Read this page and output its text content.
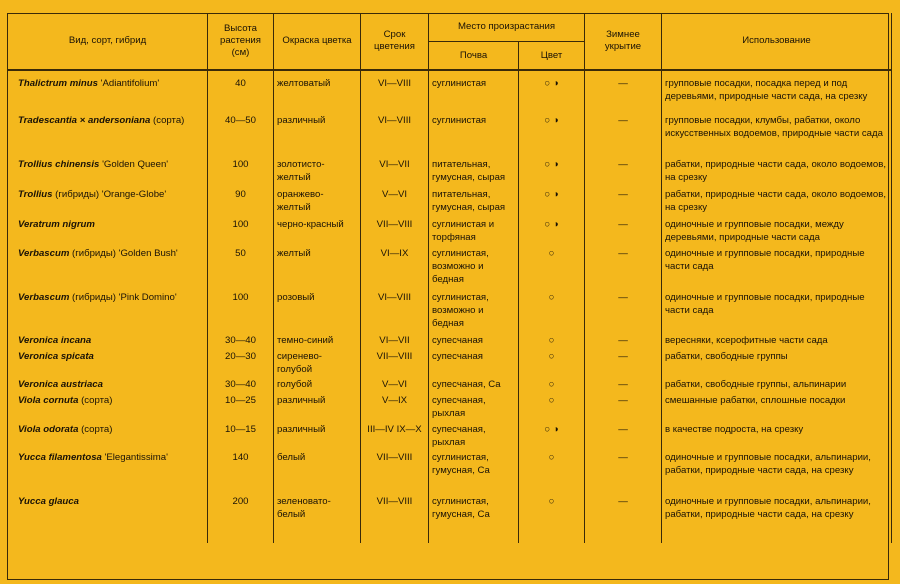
Вид, сорт, гибрид	Высота растения (см)	Окраска цветка	Срок цветения	Место произрастания		Зимнее укрытие	Использование
				Почва	Цвет		
Thalictrum minus 'Adiantifolium'	40	желтоватый	VI—VIII	суглинистая	○ ◑	—	групповые посадки, посадка перед и под деревьями, природные части сада, на срезку
Tradescantia × andersoniana (сорта)	40—50	различный	VI—VIII	суглинистая	○ ◑	—	групповые посадки, клумбы, рабатки, около искусственных водоемов, природные части сада
Trollius chinensis 'Golden Queen'	100	золотисто-желтый	VI—VII	питательная, гумусная, сырая	○ ◑	—	рабатки, природные части сада, около водоемов, на срезку
Trollius (гибриды) 'Orange-Globe'	90	оранжево-желтый	V—VI	питательная, гумусная, сырая	○ ◑	—	рабатки, природные части сада, около водоемов, на срезку
Veratrum nigrum	100	черно-красный	VII—VIII	суглинистая и торфяная	○ ◑	—	одиночные и групповые посадки, между деревьями, природные части сада
Verbascum (гибриды) 'Golden Bush'	50	желтый	VI—IX	суглинистая, возможно и бедная	○	—	одиночные и групповые посадки, природные части сада
Verbascum (гибриды) 'Pink Domino'	100	розовый	VI—VIII	суглинистая, возможно и бедная	○	—	одиночные и групповые посадки, природные части сада
Veronica incana	30—40	темно-синий	VI—VII	супесчаная	○	—	вересняки, ксерофитные части сада
Veronica spicata	20—30	сиренево-голубой	VII—VIII	супесчаная	○	—	рабатки, свободные группы
Veronica austriaca	30—40	голубой	V—VI	супесчаная, Ca	○	—	рабатки, свободные группы, альпинарии
Viola cornuta (сорта)	10—25	различный	V—IX	супесчаная, рыхлая	○	—	смешанные рабатки, сплошные посадки
Viola odorata (сорта)	10—15	различный	III—IV IX—X	супесчаная, рыхлая	○ ◑	—	в качестве подроста, на срезку
Yucca filamentosa 'Elegantissima'	140	белый	VII—VIII	суглинистая, гумусная, Ca	○	—	одиночные и групповые посадки, альпинарии, рабатки, природные части сада, на срезку
Yucca glauca	200	зеленовато-белый	VII—VIII	суглинистая, гумусная, Ca	○	—	одиночные и групповые посадки, альпинарии, рабатки, природные части сада, на срезку
